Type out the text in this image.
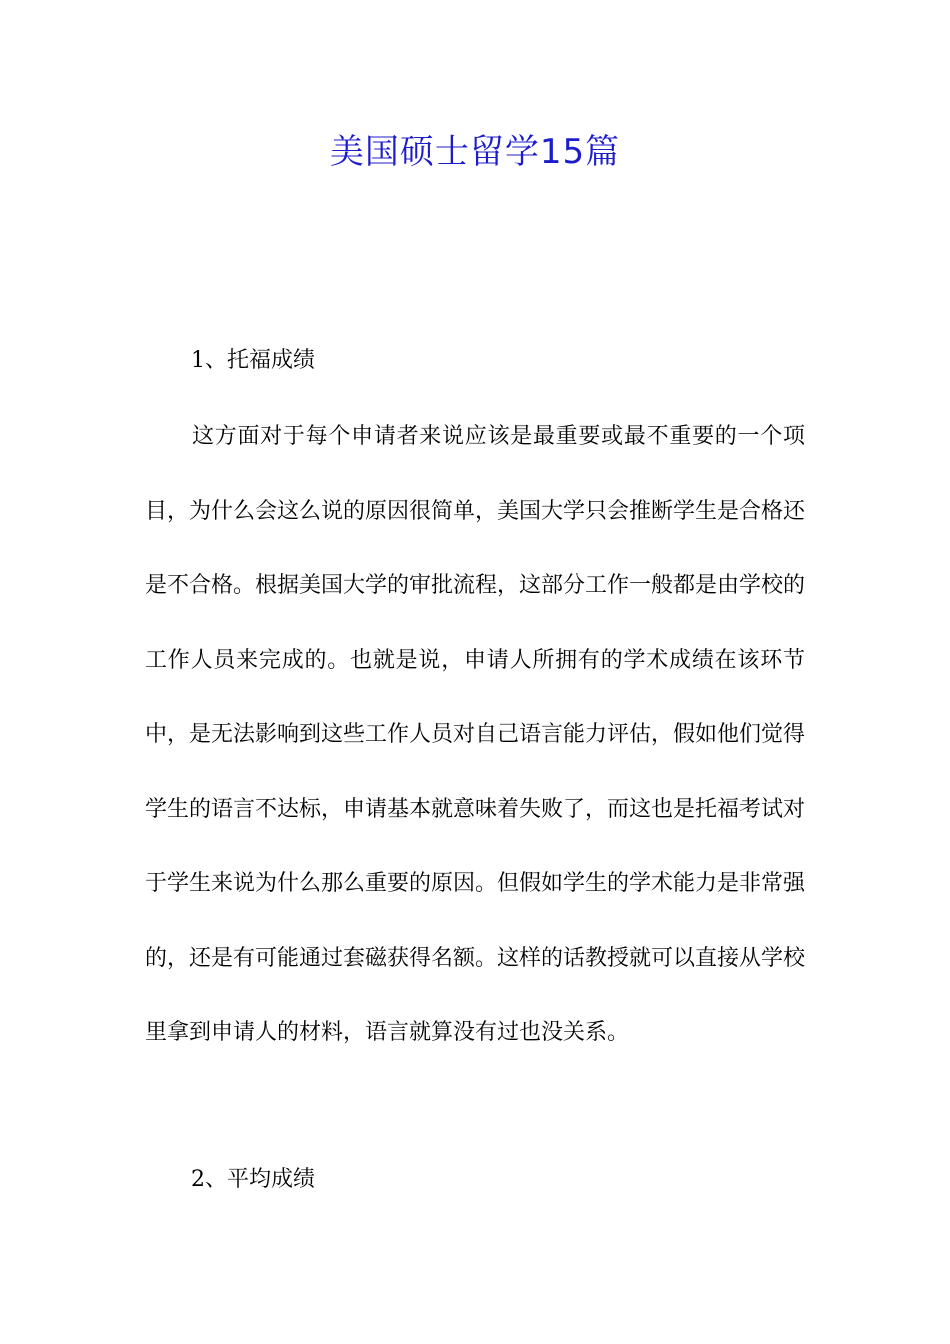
美国硕士留学15篇

1、托福成绩

这方面对于每个申请者来说应该是最重要或最不重要的一个项目，为什么会这么说的原因很简单，美国大学只会推断学生是合格还是不合格。根据美国大学的审批流程，这部分工作一般都是由学校的工作人员来完成的。也就是说，申请人所拥有的学术成绩在该环节中，是无法影响到这些工作人员对自己语言能力评估，假如他们觉得学生的语言不达标，申请基本就意味着失败了，而这也是托福考试对于学生来说为什么那么重要的原因。但假如学生的学术能力是非常强的，还是有可能通过套磁获得名额。这样的话教授就可以直接从学校里拿到申请人的材料，语言就算没有过也没关系。

2、平均成绩
